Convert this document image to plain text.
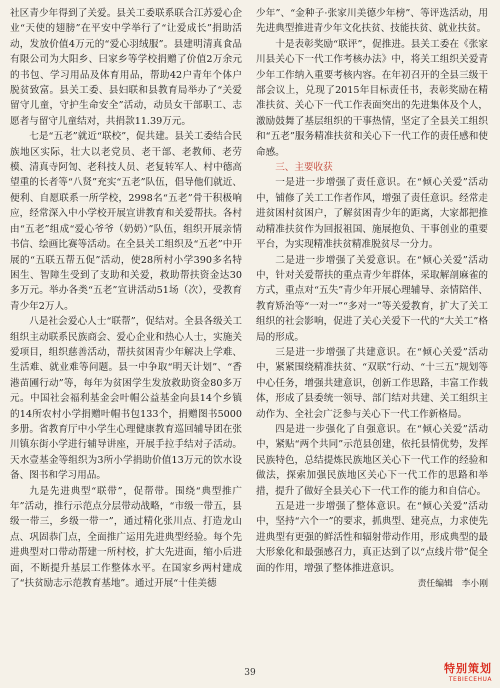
社区青少年得到了关爱。县关工委联系联合江苏爱心企业“天使的翅膀”在平安中学举行了“让爱成长”捐助活动，发放价值4万元的“爱心羽绒服”。县建明清真食品有限公司为大阳乡、曰家乡等学校捐赠了价值2万余元的书包、学习用品及体育用品，帮助42户青年个体户脱贫致富。县关工委、县妇联和县教育局举办了“关爱留守儿童，守护生命安全”活动，动员女干部职工、志愿者与留守儿童结对，共捐款11.39万元。

七是“五老”就近“联校”，促共建。县关工委结合民族地区实际，壮大以老党员、老干部、老教师、老劳模、清真寺阿訇、老科技人员、老复转军人、村中德高望重的长者等“八贤”充实“五老”队伍，倡导他们就近、便利、自愿联系一所学校，2998名“五老”骨干积极响应，经常深入中小学校开展宣讲教育和关爱帮扶。各村由“五老”组成“爱心爷爷（奶奶）”队伍，组织开展亲情书信、绘画比赛等活动。在全县关工组织及“五老”中开展的“五联五帮五促”活动，使28所村小学390多名特困生、智障生受到了支助和关爱，救助帮扶资金达30多万元。举办各类“五老”宣讲活动51场（次），受教育青少年2万人。

八是社会爱心人士“联帮”，促结对。全县各级关工组织主动联系民族商会、爱心企业和热心人士，实施关爱项目，组织慈善活动，帮扶贫困青少年解决上学难、生活难、就业难等问题。县一中争取“明天计划”、“香港苗圃行动”等，每年为贫困学生发放救助资金80多万元。中国社会福利基金会叶帽公益基金向县14个乡镇的14所农村小学捐赠叶帽书包133个，捐赠图书5000多册。省教育厅中小学生心理健康教育巡回辅导团在张川镇东街小学进行辅导讲座，开展手拉手结对子活动。天水壹基金等组织为3所小学捐助价值13万元的饮水设备、图书和学习用品。

九是先进典型“联带”，促帮带。围绕“典型推广年”活动，推行示范点分层带动战略，“市级一带五，县级一带三，乡级一带一”，通过精化张川点、打造龙山点、巩固恭门点，全面推广运用先进典型经验。每个先进典型对口带动帮建一所村校，扩大先进面，缩小后进面，不断提升基层工作整体水平。在国家乡两村建成了“扶贫励志示范教育基地”。通过开展“十佳美德

少年”、“金种子·张家川美德少年榜”、等评选活动，用先进典型推进青少年文化扶贫、技能扶贫、就业扶贫。

十是表彰奖励“联评”，促推进。县关工委在《张家川县关心下一代工作考核办法》中，将关工组织关爱青少年工作纳入重要考核内容。在年初召开的全县三级干部会议上，兑现了2015年目标责任书，表彰奖励在精准扶贫、关心下一代工作表面突出的先进集体及个人，激励鼓舞了基层组织的干事热情，坚定了全县关工组织和“五老”服务精准扶贫和关心下一代工作的责任感和使命感。

三、主要收获

一是进一步增强了责任意识。在“倾心关爱”活动中，铺修了关工工作者作风，增强了责任意识。经常走进贫困村贫困户，了解贫困青少年的距离，大家都把推动精准扶贫作为回报祖国、施展抱负、干事创业的重要平台，为实现精准扶贫精准脱贫尽一分力。

二是进一步增强了关爱意识。在“倾心关爱”活动中，针对关爱帮扶的重点青少年群体，采取解剖麻雀的方式，重点对“五失”青少年开展心理辅导、亲情陪伴、教育矫治等“一对一”“多对一”等关爱教育，扩大了关工组织的社会影响，促进了关心关爱下一代的“大关工”格局的形成。

三是进一步增强了共建意识。在“倾心关爱”活动中，紧紧围绕精准扶贫、“双联”行动、“十三五”规划等中心任务，增强共建意识，创新工作思路，丰富工作载体，形成了县委统一领导、部门结对共建、关工组织主动作为、全社会广泛参与关心下一代工作新格局。

四是进一步强化了自强意识。在“倾心关爱”活动中，紧贴“两个共同”示范县创建，依托县情优势，发挥民族特色，总结提炼民族地区关心下一代工作的经验和做法，探索加强民族地区关心下一代工作的思路和举措，提升了做好全县关心下一代工作的能力和自信心。

五是进一步增强了整体意识。在“倾心关爱”活动中，坚持“六个一”的要求，抓典型、建亮点，力求使先进典型有更强的鲜活性和辐射带动作用，形成典型的最大形象化和最强感召力，真正达到了以“点线片带”促全面的作用，增强了整体推进意识。

责任编辑　李小刚

39	特别策划
TEBIECEHUA
